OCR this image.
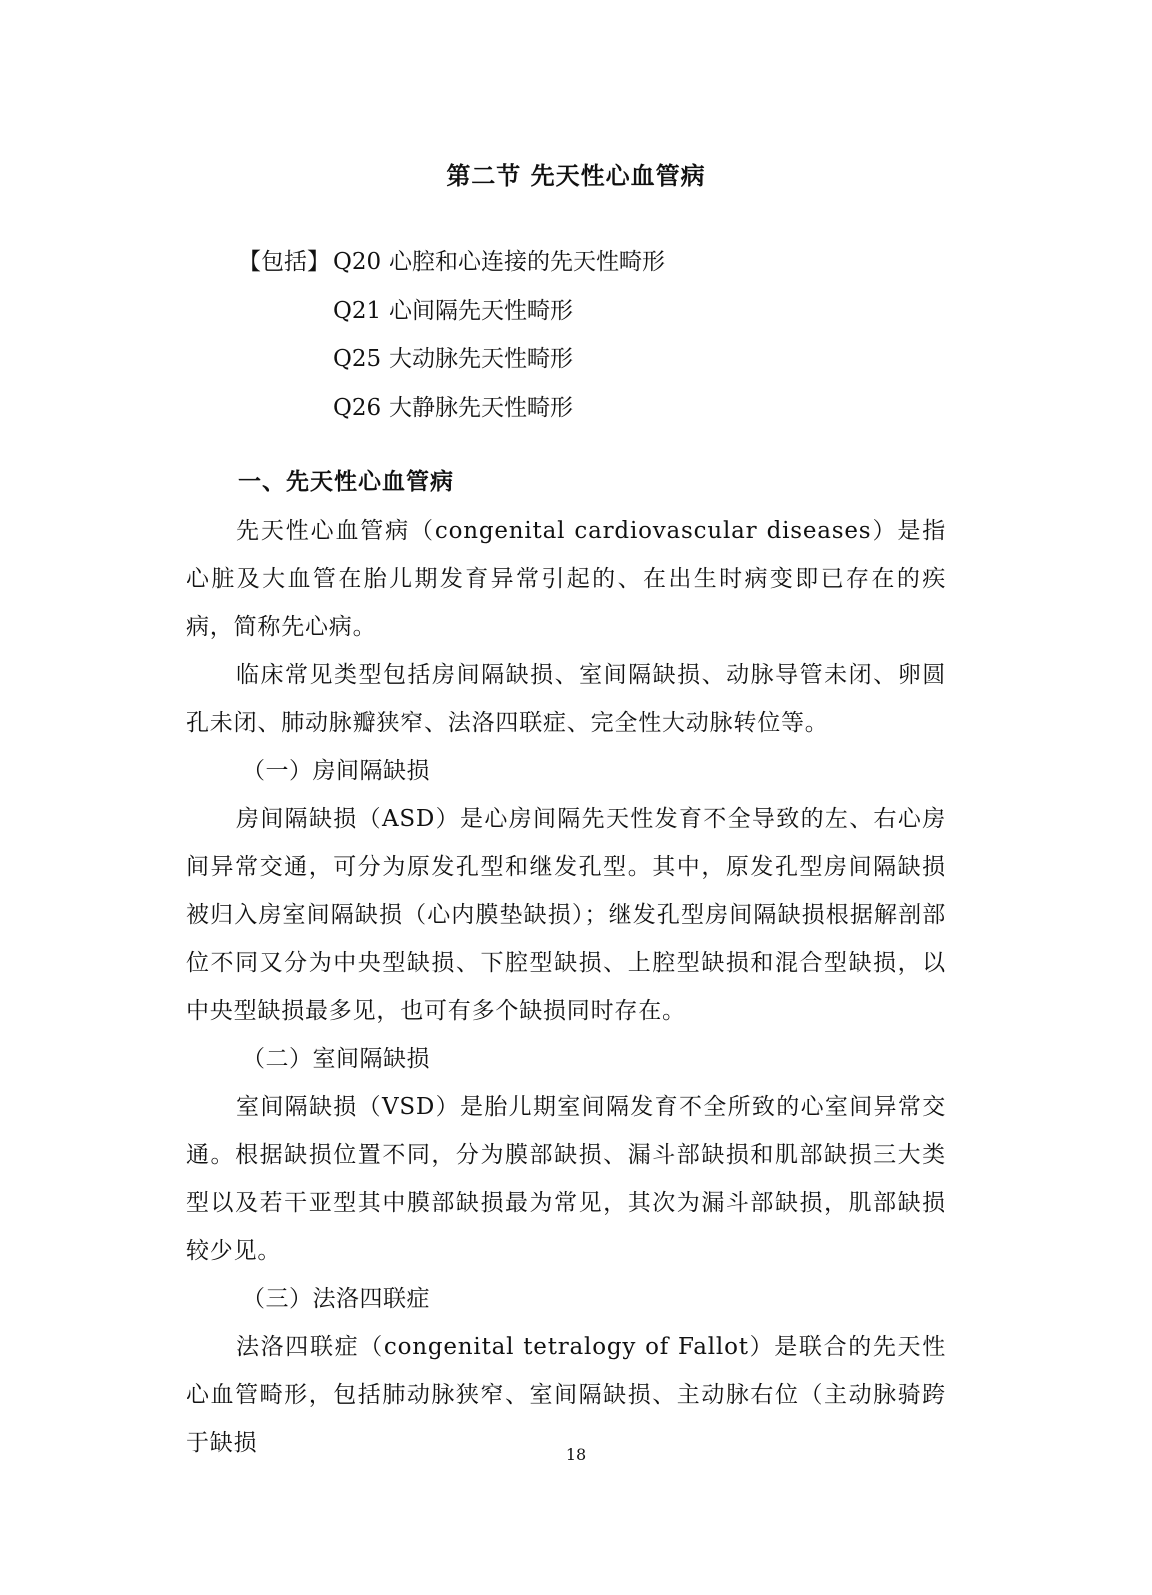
第二节 先天性心血管病
【包括】 Q20 心腔和心连接的先天性畸形
Q21 心间隔先天性畸形
Q25 大动脉先天性畸形
Q26 大静脉先天性畸形
一、先天性心血管病

先天性心血管病（congenital cardiovascular diseases）是指心脏及大血管在胎儿期发育异常引起的、在出生时病变即已存在的疾病，简称先心病。

临床常见类型包括房间隔缺损、室间隔缺损、动脉导管未闭、卵圆孔未闭、肺动脉瓣狭窄、法洛四联症、完全性大动脉转位等。

（一）房间隔缺损

房间隔缺损（ASD）是心房间隔先天性发育不全导致的左、右心房间异常交通，可分为原发孔型和继发孔型。其中，原发孔型房间隔缺损被归入房室间隔缺损（心内膜垫缺损）；继发孔型房间隔缺损根据解剖部位不同又分为中央型缺损、下腔型缺损、上腔型缺损和混合型缺损，以中央型缺损最多见，也可有多个缺损同时存在。

（二）室间隔缺损

室间隔缺损（VSD）是胎儿期室间隔发育不全所致的心室间异常交通。根据缺损位置不同，分为膜部缺损、漏斗部缺损和肌部缺损三大类型以及若干亚型其中膜部缺损最为常见，其次为漏斗部缺损，肌部缺损较少见。

（三）法洛四联症

法洛四联症（congenital tetralogy of Fallot）是联合的先天性心血管畸形，包括肺动脉狭窄、室间隔缺损、主动脉右位（主动脉骑跨于缺损	18
